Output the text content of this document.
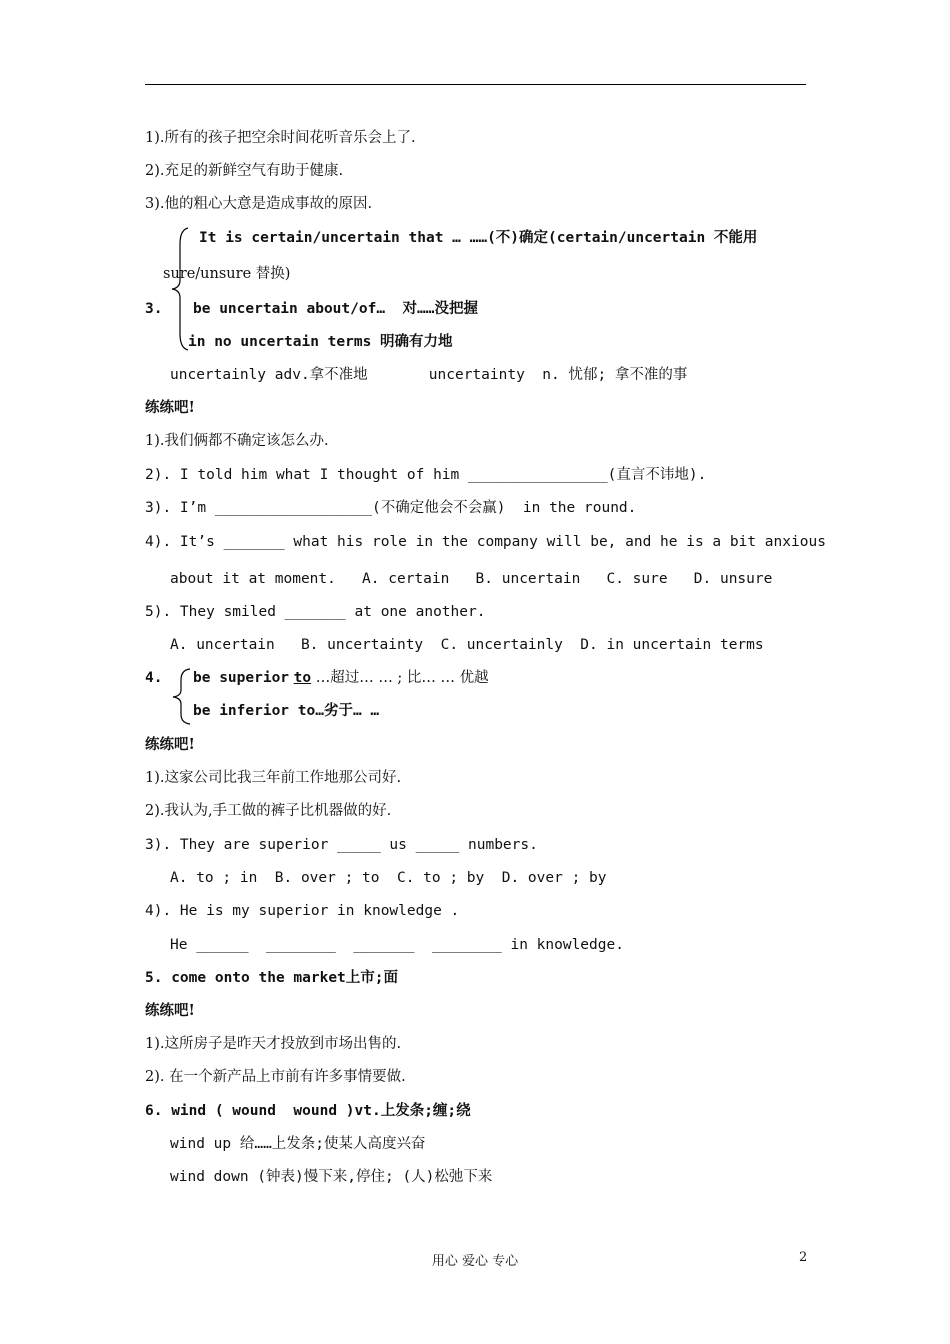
1).所有的孩子把空余时间花听音乐会上了.
2).充足的新鲜空气有助于健康.
3).他的粗心大意是造成事故的原因.
It is certain/uncertain that … ……(不)确定(certain/uncertain 不能用
sure/unsure 替换)
3. be uncertain about/of…  对……没把握
in no uncertain terms 明确有力地
uncertainly adv.拿不准地       uncertainty  n. 忧郁; 拿不准的事
练练吧!
1).我们俩都不确定该怎么办.
2). I told him what I thought of him ________________(直言不讳地).
3). I’m __________________(不确定他会不会赢)  in the round.
4). It’s _______ what his role in the company will be, and he is a bit anxious
about it at moment.   A. certain   B. uncertain   C. sure   D. unsure
5). They smiled _______ at one another.
A. uncertain   B. uncertainty  C. uncertainly  D. in uncertain terms
4. be superior to …超过… … ; 比… … 优越
be inferior to…劣于… …
练练吧!
1).这家公司比我三年前工作地那公司好.
2).我认为,手工做的裤子比机器做的好.
3). They are superior _____ us _____ numbers.
A. to ; in  B. over ; to  C. to ; by  D. over ; by
4). He is my superior in knowledge .
He ______  ________  _______  ________ in knowledge.
5. come onto the market上市;面
练练吧!
1).这所房子是昨天才投放到市场出售的.
2). 在一个新产品上市前有许多事情要做.
6. wind ( wound  wound )vt.上发条;缠;绕
wind up 给……上发条;使某人高度兴奋
wind down (钟表)慢下来,停住; (人)松弛下来
用心 爱心 专心	2
